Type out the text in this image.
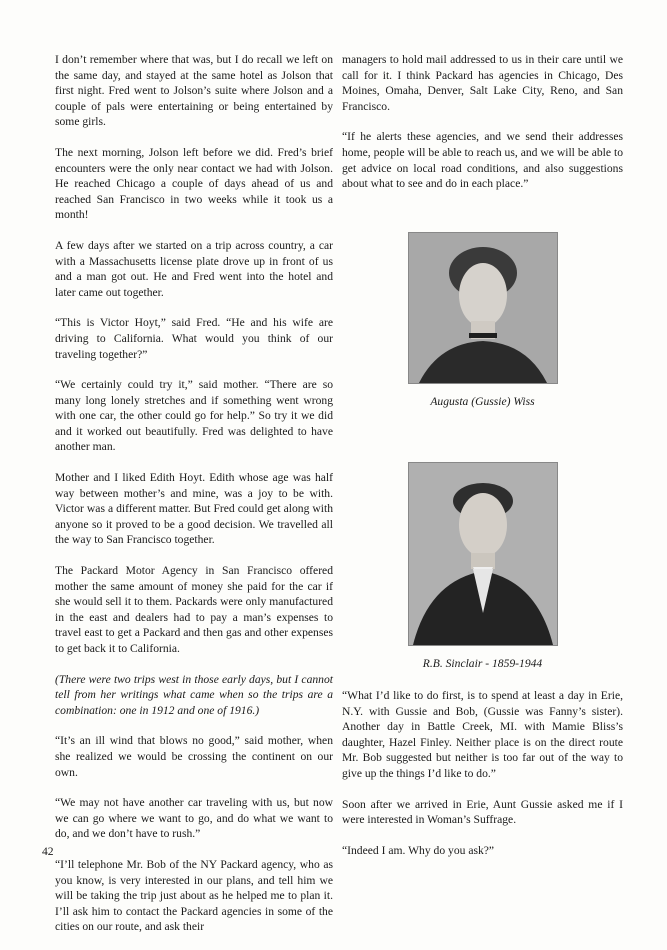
I don’t remember where that was, but I do recall we left on the same day, and stayed at the same hotel as Jolson that first night. Fred went to Jolson’s suite where Jolson and a couple of pals were entertaining or being entertained by some girls.

The next morning, Jolson left before we did. Fred’s brief encounters were the only near contact we had with Jolson. He reached Chicago a couple of days ahead of us and reached San Francisco in two weeks while it took us a month!

A few days after we started on a trip across country, a car with a Massachusetts license plate drove up in front of us and a man got out. He and Fred went into the hotel and later came out together.

“This is Victor Hoyt,” said Fred. “He and his wife are driving to California. What would you think of our traveling together?”

“We certainly could try it,” said mother. “There are so many long lonely stretches and if something went wrong with one car, the other could go for help.” So try it we did and it worked out beautifully. Fred was delighted to have another man.

Mother and I liked Edith Hoyt. Edith whose age was half way between mother’s and mine, was a joy to be with. Victor was a different matter. But Fred could get along with anyone so it proved to be a good decision. We travelled all the way to San Francisco together.

The Packard Motor Agency in San Francisco offered mother the same amount of money she paid for the car if she would sell it to them. Packards were only manufactured in the east and dealers had to pay a man’s expenses to travel east to get a Packard and then gas and other expenses to get back it to California.

(There were two trips west in those early days, but I cannot tell from her writings what came when so the trips are a combination: one in 1912 and one of 1916.)

“It’s an ill wind that blows no good,” said mother, when she realized we would be crossing the continent on our own.

“We may not have another car traveling with us, but now we can go where we want to go, and do what we want to do, and we don’t have to rush.”

“I’ll telephone Mr. Bob of the NY Packard agency, who as you know, is very interested in our plans, and tell him we will be taking the trip just about as he helped me to plan it. I’ll ask him to contact the Packard agencies in some of the cities on our route, and ask their

managers to hold mail addressed to us in their care until we call for it. I think Packard has agencies in Chicago, Des Moines, Omaha, Denver, Salt Lake City, Reno, and San Francisco.

“If he alerts these agencies, and we send their addresses home, people will be able to reach us, and we will be able to get advice on local road conditions, and also suggestions about what to see and do in each place.”

Augusta (Gussie) Wiss
R.B. Sinclair - 1859-1944

“What I’d like to do first, is to spend at least a day in Erie, N.Y. with Gussie and Bob, (Gussie was Fanny’s sister). Another day in Battle Creek, MI. with Mamie Bliss’s daughter, Hazel Finley. Neither place is on the direct route Mr. Bob suggested but neither is too far out of the way to give up the things I’d like to do.”

Soon after we arrived in Erie, Aunt Gussie asked me if I were interested in Woman’s Suffrage.

“Indeed I am. Why do you ask?”

42
